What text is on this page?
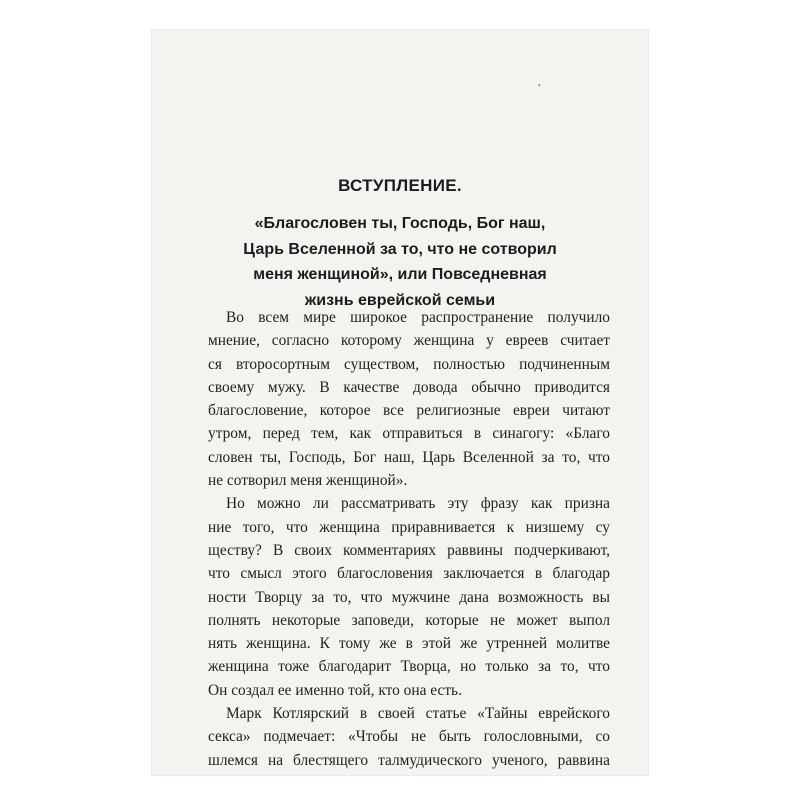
,
ВСТУПЛЕНИЕ.
«Благословен ты, Господь, Бог наш,
Царь Вселенной за то, что не сотворил
меня женщиной», или Повседневная
жизнь еврейской семьи
Во всем мире широкое распространение получило
мнение, согласно которому женщина у евреев считает
ся второсортным существом, полностью подчиненным
своему мужу. В качестве довода обычно приводится
благословение, которое все религиозные евреи читают
утром, перед тем, как отправиться в синагогу: «Благо
словен ты, Господь, Бог наш, Царь Вселенной за то, что
не сотворил меня женщиной».
Но можно ли рассматривать эту фразу как призна
ние того, что женщина приравнивается к низшему су
ществу? В своих комментариях раввины подчеркивают,
что смысл этого благословения заключается в благодар
ности Творцу за то, что мужчине дана возможность вы
полнять некоторые заповеди, которые не может выпол
нять женщина. К тому же в этой же утренней молитве
женщина тоже благодарит Творца, но только за то, что
Он создал ее именно той, кто она есть.
Марк Котлярский в своей статье «Тайны еврейского
секса» подмечает: «Чтобы не быть голословными, со
шлемся на блестящего талмудического ученого, раввина
